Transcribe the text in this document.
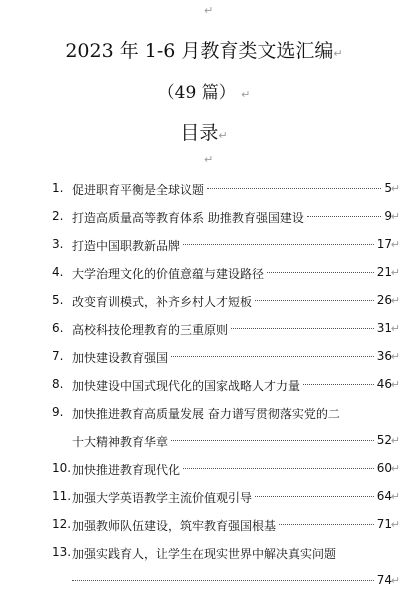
↵
2023 年 1-6 月教育类文选汇编↵
（49 篇） ↵
目录↵
↵
1. 促进职育平衡是全球议题	5
↵
2. 打造高质量高等教育体系 助推教育强国建设	9
↵
3. 打造中国职教新品牌	17
↵
4. 大学治理文化的价值意蕴与建设路径	21
↵
5. 改变育训模式，补齐乡村人才短板	26
↵
6. 高校科技伦理教育的三重原则	31
↵
7. 加快建设教育强国	36
↵
8. 加快建设中国式现代化的国家战略人才力量	46
↵
9. 加快推进教育高质量发展 奋力谱写贯彻落实党的二
十大精神教育华章	52
↵
10. 加快推进教育现代化	60
↵
11. 加强大学英语教学主流价值观引导	64
↵
12. 加强教师队伍建设，筑牢教育强国根基	71
↵
13. 加强实践育人，让学生在现实世界中解决真实问题
74
↵
